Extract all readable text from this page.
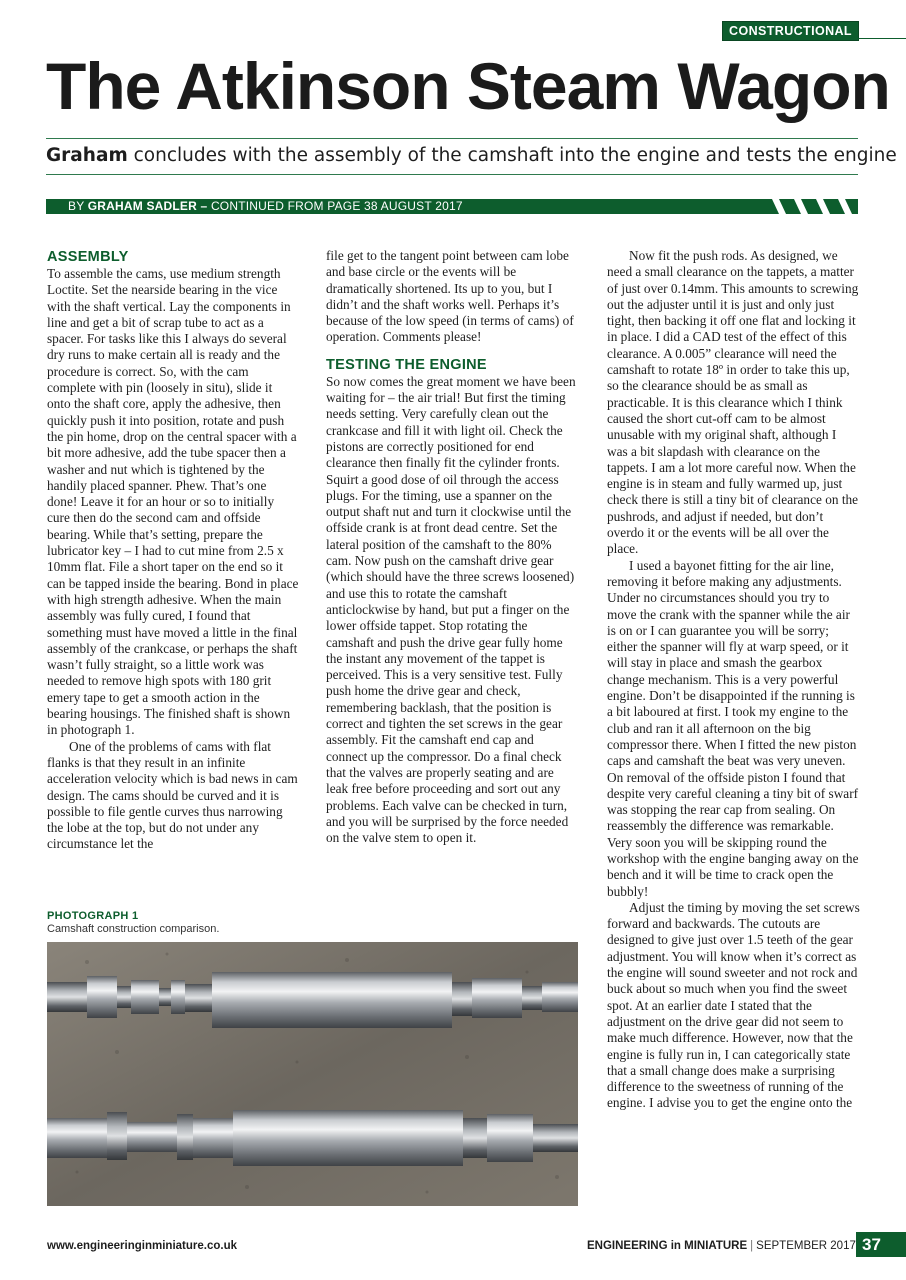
CONSTRUCTIONAL
The Atkinson Steam Wagon
Graham concludes with the assembly of the camshaft into the engine and tests the engine
BY GRAHAM SADLER – CONTINUED FROM PAGE 38 AUGUST 2017
ASSEMBLY

To assemble the cams, use medium strength Loctite. Set the nearside bearing in the vice with the shaft vertical. Lay the components in line and get a bit of scrap tube to act as a spacer. For tasks like this I always do several dry runs to make certain all is ready and the procedure is correct. So, with the cam complete with pin (loosely in situ), slide it onto the shaft core, apply the adhesive, then quickly push it into position, rotate and push the pin home, drop on the central spacer with a bit more adhesive, add the tube spacer then a washer and nut which is tightened by the handily placed spanner. Phew. That’s one done! Leave it for an hour or so to initially cure then do the second cam and offside bearing. While that’s setting, prepare the lubricator key – I had to cut mine from 2.5 x 10mm flat. File a short taper on the end so it can be tapped inside the bearing. Bond in place with high strength adhesive. When the main assembly was fully cured, I found that something must have moved a little in the final assembly of the crankcase, or perhaps the shaft wasn’t fully straight, so a little work was needed to remove high spots with 180 grit emery tape to get a smooth action in the bearing housings. The finished shaft is shown in photograph 1.

One of the problems of cams with flat flanks is that they result in an infinite acceleration velocity which is bad news in cam design. The cams should be curved and it is possible to file gentle curves thus narrowing the lobe at the top, but do not under any circumstance let the

file get to the tangent point between cam lobe and base circle or the events will be dramatically shortened. Its up to you, but I didn’t and the shaft works well. Perhaps it’s because of the low speed (in terms of cams) of operation. Comments please!

TESTING THE ENGINE

So now comes the great moment we have been waiting for – the air trial! But first the timing needs setting. Very carefully clean out the crankcase and fill it with light oil. Check the pistons are correctly positioned for end clearance then finally fit the cylinder fronts. Squirt a good dose of oil through the access plugs. For the timing, use a spanner on the output shaft nut and turn it clockwise until the offside crank is at front dead centre. Set the lateral position of the camshaft to the 80% cam. Now push on the camshaft drive gear (which should have the three screws loosened) and use this to rotate the camshaft anticlockwise by hand, but put a finger on the lower offside tappet. Stop rotating the camshaft and push the drive gear fully home the instant any movement of the tappet is perceived. This is a very sensitive test. Fully push home the drive gear and check, remembering backlash, that the position is correct and tighten the set screws in the gear assembly. Fit the camshaft end cap and connect up the compressor. Do a final check that the valves are properly seating and are leak free before proceeding and sort out any problems. Each valve can be checked in turn, and you will be surprised by the force needed on the valve stem to open it.

Now fit the push rods. As designed, we need a small clearance on the tappets, a matter of just over 0.14mm. This amounts to screwing out the adjuster until it is just and only just tight, then backing it off one flat and locking it in place. I did a CAD test of the effect of this clearance. A 0.005” clearance will need the camshaft to rotate 18º in order to take this up, so the clearance should be as small as practicable. It is this clearance which I think caused the short cut-off cam to be almost unusable with my original shaft, although I was a bit slapdash with clearance on the tappets. I am a lot more careful now. When the engine is in steam and fully warmed up, just check there is still a tiny bit of clearance on the pushrods, and adjust if needed, but don’t overdo it or the events will be all over the place.

I used a bayonet fitting for the air line, removing it before making any adjustments. Under no circumstances should you try to move the crank with the spanner while the air is on or I can guarantee you will be sorry; either the spanner will fly at warp speed, or it will stay in place and smash the gearbox change mechanism. This is a very powerful engine. Don’t be disappointed if the running is a bit laboured at first. I took my engine to the club and ran it all afternoon on the big compressor there. When I fitted the new piston caps and camshaft the beat was very uneven. On removal of the offside piston I found that despite very careful cleaning a tiny bit of swarf was stopping the rear cap from sealing. On reassembly the difference was remarkable. Very soon you will be skipping round the workshop with the engine banging away on the bench and it will be time to crack open the bubbly!

Adjust the timing by moving the set screws forward and backwards. The cutouts are designed to give just over 1.5 teeth of the gear adjustment. You will know when it’s correct as the engine will sound sweeter and not rock and buck about so much when you find the sweet spot. At an earlier date I stated that the adjustment on the drive gear did not seem to make much difference. However, now that the engine is fully run in, I can categorically state that a small change does make a surprising difference to the sweetness of running of the engine. I advise you to get the engine onto the

PHOTOGRAPH 1
Camshaft construction comparison.
www.engineeringinminiature.co.uk	ENGINEERING in MINIATURE | SEPTEMBER 2017 37
